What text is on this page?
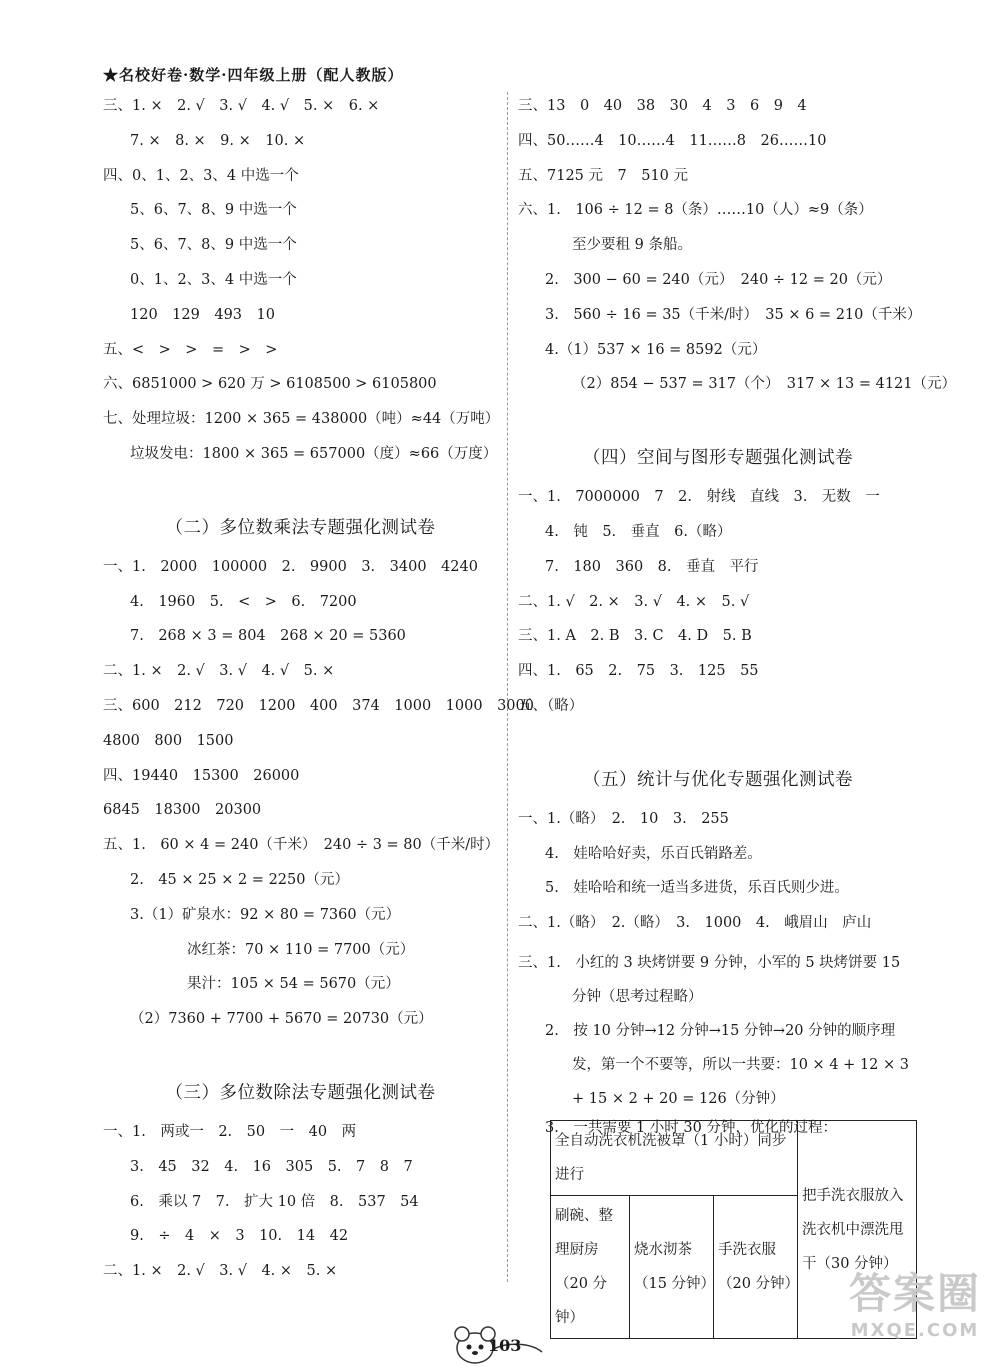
★名校好卷·数学·四年级上册（配人教版）
三、1. ×　2. √　3. √　4. √　5. ×　6. ×
7. ×　8. ×　9. ×　10. ×
四、0、1、2、3、4 中选一个
5、6、7、8、9 中选一个
5、6、7、8、9 中选一个
0、1、2、3、4 中选一个
120　129　493　10
五、<　>　>　=　>　>
六、6851000 > 620 万 > 6108500 > 6105800
七、处理垃圾：1200 × 365 = 438000（吨）≈44（万吨）
垃圾发电：1800 × 365 = 657000（度）≈66（万度）
（二）多位数乘法专题强化测试卷
一、1.　2000　100000　2.　9900　3.　3400　4240
4.　1960　5.　<　>　6.　7200
7.　268 × 3 = 804　268 × 20 = 5360
二、1. ×　2. √　3. √　4. √　5. ×
三、600　212　720　1200　400　374　1000　1000　3000
4800　800　1500
四、19440　15300　26000
6845　18300　20300
五、1.　60 × 4 = 240（千米）　240 ÷ 3 = 80（千米/时）
2.　45 × 25 × 2 = 2250（元）
3.（1）矿泉水：92 × 80 = 7360（元）
冰红茶：70 × 110 = 7700（元）
果汁：105 × 54 = 5670（元）
（2）7360 + 7700 + 5670 = 20730（元）
（三）多位数除法专题强化测试卷
一、1.　两或一　2.　50　一　40　两
3.　45　32　4.　16　305　5.　7　8　7
6.　乘以 7　7.　扩大 10 倍　8.　537　54
9.　÷　4　×　3　10.　14　42
二、1. ×　2. √　3. √　4. ×　5. ×
三、13　0　40　38　30　4　3　6　9　4
四、50……4　10……4　11……8　26……10
五、7125 元　7　510 元
六、1.　106 ÷ 12 = 8（条）……10（人）≈9（条）
至少要租 9 条船。
2.　300 − 60 = 240（元）　240 ÷ 12 = 20（元）
3.　560 ÷ 16 = 35（千米/时）　35 × 6 = 210（千米）
4.（1）537 × 16 = 8592（元）
（2）854 − 537 = 317（个）　317 × 13 = 4121（元）
（四）空间与图形专题强化测试卷
一、1.　7000000　7　2.　射线　直线　3.　无数　一
4.　钝　5.　垂直　6.（略）
7.　180　360　8.　垂直　平行
二、1. √　2. ×　3. √　4. ×　5. √
三、1. A　2. B　3. C　4. D　5. B
四、1.　65　2.　75　3.　125　55
五、（略）
（五）统计与优化专题强化测试卷
一、1.（略）　2.　10　3.　255
4.　娃哈哈好卖，乐百氏销路差。
5.　娃哈哈和统一适当多进货，乐百氏则少进。
二、1.（略）　2.（略）　3.　1000　4.　峨眉山　庐山
三、1.　小红的 3 块烤饼要 9 分钟，小军的 5 块烤饼要 15 分钟（思考过程略）
2.　按 10 分钟→12 分钟→15 分钟→20 分钟的顺序理发，第一个不要等，所以一共要：10 × 4 + 12 × 3 + 15 × 2 + 20 = 126（分钟）
3.　一共需要 1 小时 30 分钟，优化的过程：
全自动洗衣机洗被罩（1 小时）同步进行			把手洗衣服放入洗衣机中漂洗甩干（30 分钟）
刷碗、整理厨房（20 分钟）	烧水沏茶（15 分钟）	手洗衣服（20 分钟）	
103
答案圈
MXQE.COM
